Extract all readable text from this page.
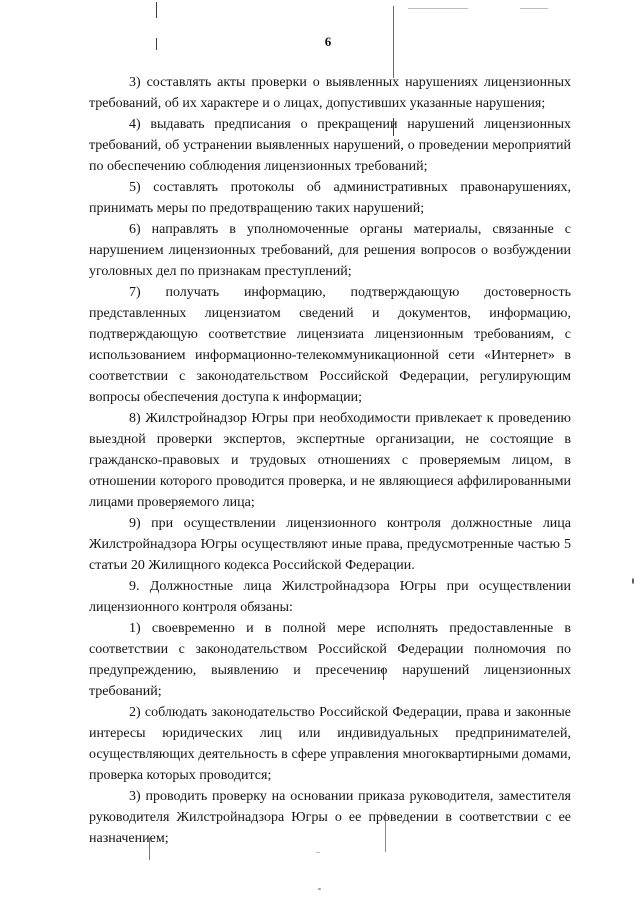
6

3) составлять акты проверки о выявленных нарушениях лицензионных требований, об их характере и о лицах, допустивших указанные нарушения;

4) выдавать предписания о прекращении нарушений лицензионных требований, об устранении выявленных нарушений, о проведении мероприятий по обеспечению соблюдения лицензионных требований;

5) составлять протоколы об административных правонарушениях, принимать меры по предотвращению таких нарушений;

6) направлять в уполномоченные органы материалы, связанные с нарушением лицензионных требований, для решения вопросов о возбуждении уголовных дел по признакам преступлений;

7) получать информацию, подтверждающую достоверность представленных лицензиатом сведений и документов, информацию, подтверждающую соответствие лицензиата лицензионным требованиям, с использованием информационно-телекоммуникационной сети «Интернет» в соответствии с законодательством Российской Федерации, регулирующим вопросы обеспечения доступа к информации;

8) Жилстройнадзор Югры при необходимости привлекает к проведению выездной проверки экспертов, экспертные организации, не состоящие в гражданско-правовых и трудовых отношениях с проверяемым лицом, в отношении которого проводится проверка, и не являющиеся аффилированными лицами проверяемого лица;

9) при осуществлении лицензионного контроля должностные лица Жилстройнадзора Югры осуществляют иные права, предусмотренные частью 5 статьи 20 Жилищного кодекса Российской Федерации.

9. Должностные лица Жилстройнадзора Югры при осуществлении лицензионного контроля обязаны:

1) своевременно и в полной мере исполнять предоставленные в соответствии с законодательством Российской Федерации полномочия по предупреждению, выявлению и пресечению нарушений лицензионных требований;

2) соблюдать законодательство Российской Федерации, права и законные интересы юридических лиц или индивидуальных предпринимателей, осуществляющих деятельность в сфере управления многоквартирными домами, проверка которых проводится;

3) проводить проверку на основании приказа руководителя, заместителя руководителя Жилстройнадзора Югры о ее проведении в соответствии с ее назначением;
